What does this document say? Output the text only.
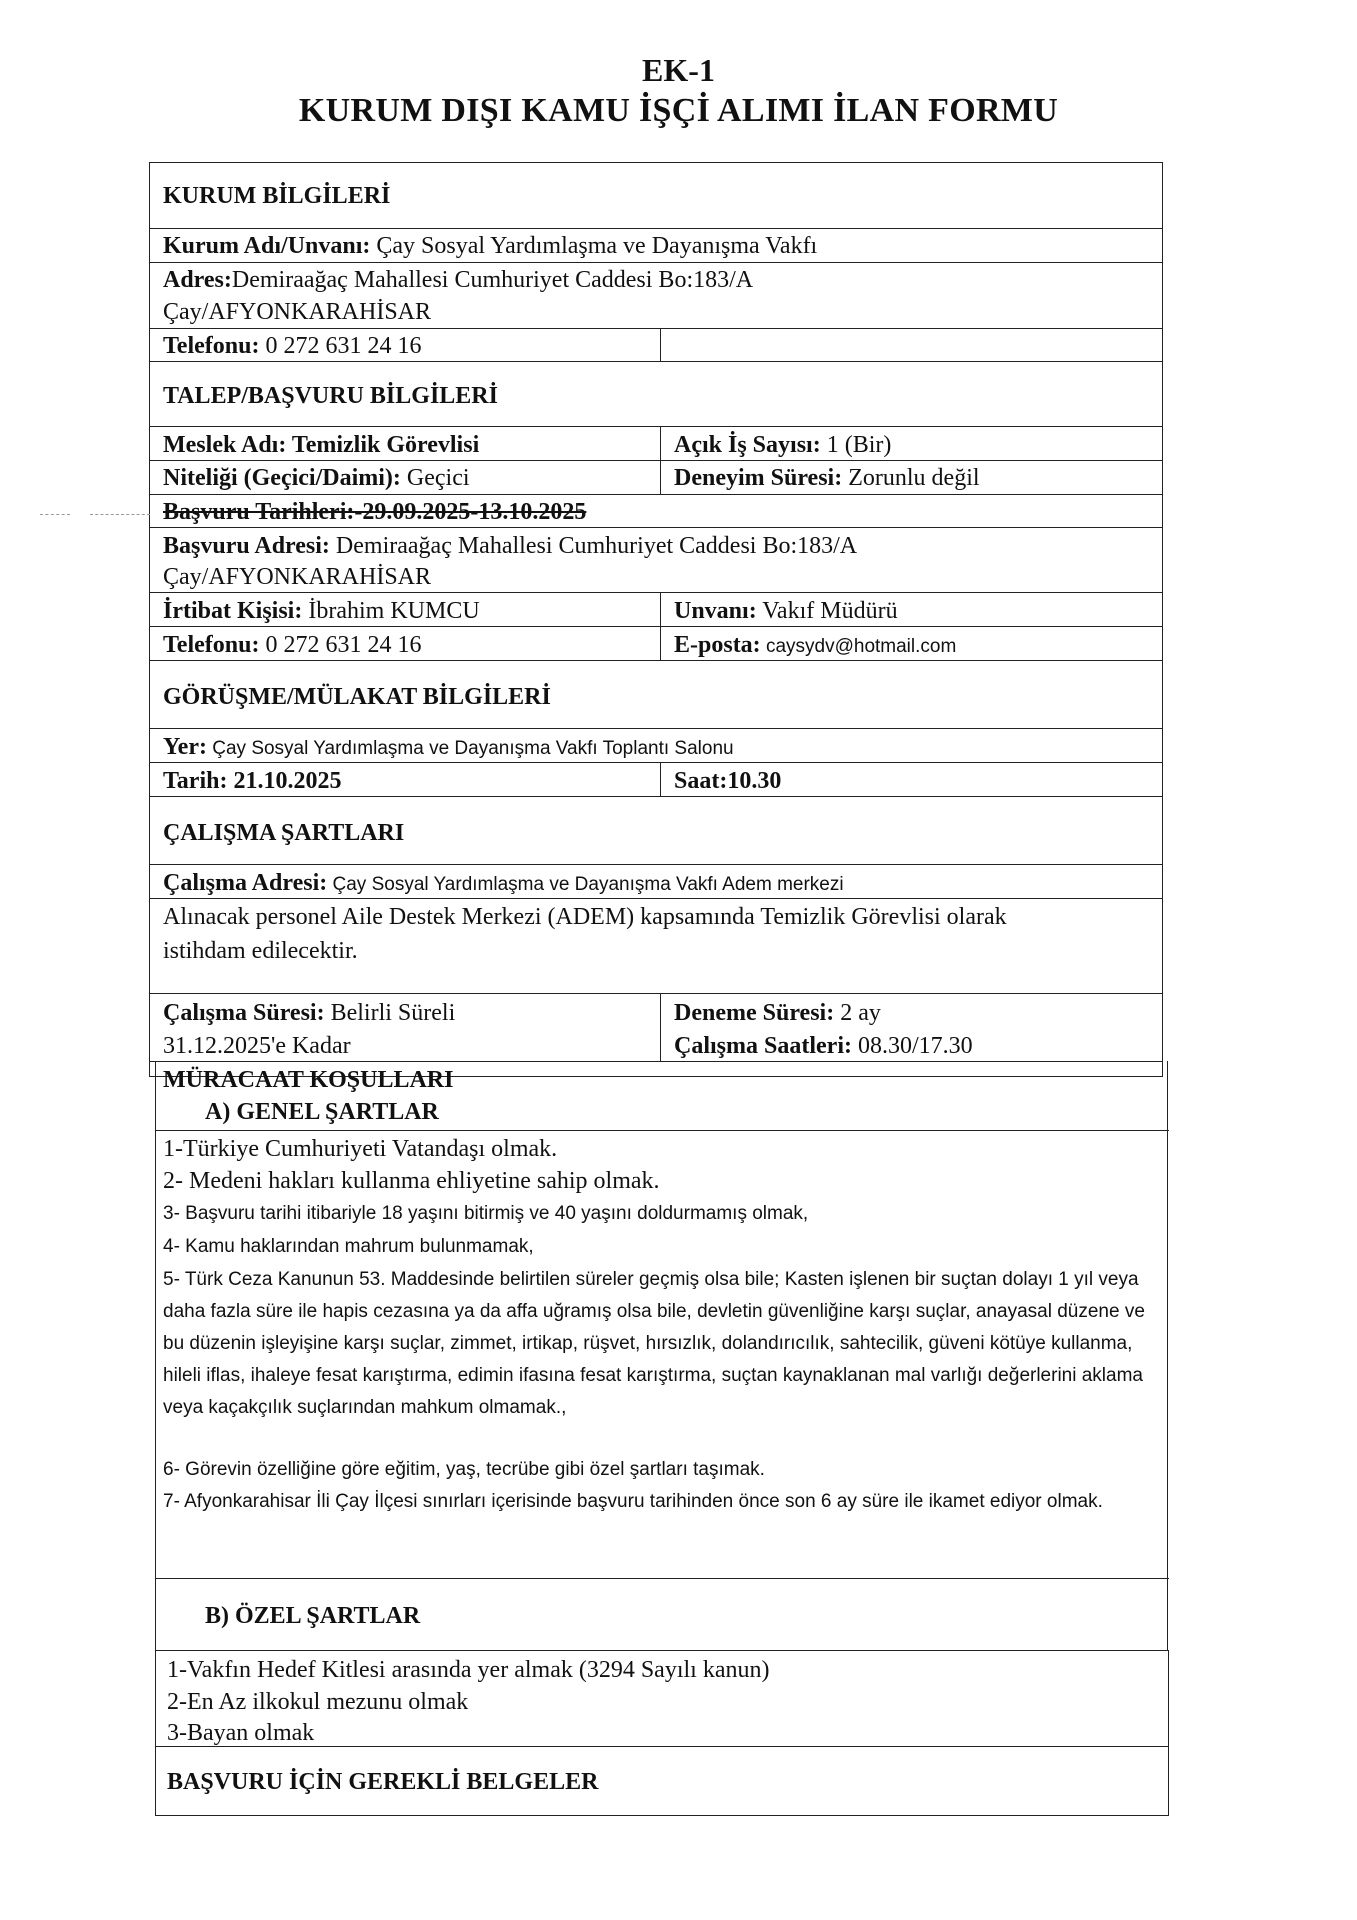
EK-1
KURUM DIŞI KAMU İŞÇİ ALIMI İLAN FORMU
KURUM BİLGİLERİ
Kurum Adı/Unvanı: Çay Sosyal Yardımlaşma ve Dayanışma Vakfı
Adres:Demiraağaç Mahallesi Cumhuriyet Caddesi Bo:183/A
Çay/AFYONKARAHİSAR
Telefonu: 0 272 631 24 16
TALEP/BAŞVURU BİLGİLERİ
Meslek Adı: Temizlik Görevlisi	Açık İş Sayısı: 1 (Bir)
Niteliği (Geçici/Daimi): Geçici	Deneyim Süresi: Zorunlu değil
Başvuru Tarihleri:-29.09.2025-13.10.2025
Başvuru Adresi: Demiraağaç Mahallesi Cumhuriyet Caddesi Bo:183/A
Çay/AFYONKARAHİSAR
İrtibat Kişisi: İbrahim KUMCU	Unvanı: Vakıf Müdürü
Telefonu: 0 272 631 24 16	E-posta: caysydv@hotmail.com
GÖRÜŞME/MÜLAKAT BİLGİLERİ
Yer: Çay Sosyal Yardımlaşma ve Dayanışma Vakfı Toplantı Salonu
Tarih: 21.10.2025	Saat:10.30
ÇALIŞMA ŞARTLARI
Çalışma Adresi: Çay Sosyal Yardımlaşma ve Dayanışma Vakfı Adem merkezi
Alınacak personel Aile Destek Merkezi (ADEM) kapsamında Temizlik Görevlisi olarak
istihdam edilecektir.
Çalışma Süresi: Belirli Süreli
31.12.2025'e Kadar
Deneme Süresi: 2 ay
Çalışma Saatleri: 08.30/17.30
MÜRACAAT KOŞULLARI
A) GENEL ŞARTLAR
1-Türkiye Cumhuriyeti Vatandaşı olmak.
2- Medeni hakları kullanma ehliyetine sahip olmak.
3- Başvuru tarihi itibariyle 18 yaşını bitirmiş ve 40 yaşını doldurmamış olmak,
4- Kamu haklarından mahrum bulunmamak,
5- Türk Ceza Kanunun 53. Maddesinde belirtilen süreler geçmiş olsa bile; Kasten işlenen bir suçtan dolayı 1 yıl veya daha fazla süre ile hapis cezasına ya da affa uğramış olsa bile, devletin güvenliğine karşı suçlar, anayasal düzene ve bu düzenin işleyişine karşı suçlar, zimmet, irtikap, rüşvet, hırsızlık, dolandırıcılık, sahtecilik, güveni kötüye kullanma, hileli iflas, ihaleye fesat karıştırma, edimin ifasına fesat karıştırma, suçtan kaynaklanan mal varlığı değerlerini aklama veya kaçakçılık suçlarından mahkum olmamak.,
6- Görevin özelliğine göre eğitim, yaş, tecrübe gibi özel şartları taşımak.
7- Afyonkarahisar İli Çay İlçesi sınırları içerisinde başvuru tarihinden önce son 6 ay süre ile ikamet ediyor olmak.
B) ÖZEL ŞARTLAR
1-Vakfın Hedef Kitlesi arasında yer almak (3294 Sayılı kanun)
2-En Az ilkokul mezunu olmak
3-Bayan olmak
BAŞVURU İÇİN GEREKLİ BELGELER
